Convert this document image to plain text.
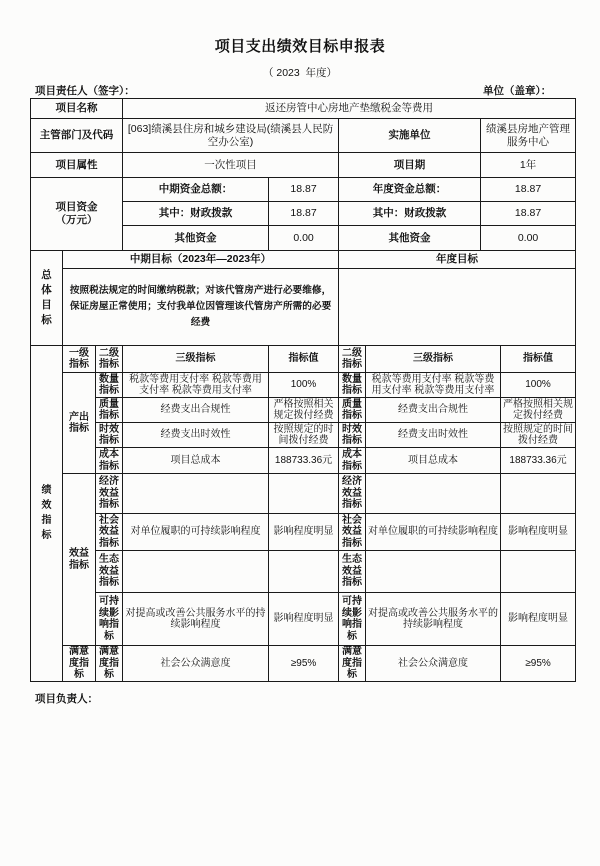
项目支出绩效目标申报表
（ 2023  年度）
项目责任人（签字）：	单位（盖章）：
项目名称			返还房管中心房地产垫缴税金等费用					
主管部门及代码			[063]绩溪县住房和城乡建设局(绩溪县人民防空办公室)		实施单位		绩溪县房地产管理服务中心	
项目属性			一次性项目		项目期		1年	
项目资金（万元）			中期资金总额：	18.87	年度资金总额：		18.87	
			其中：财政拨款	18.87	其中：财政拨款		18.87	
			其他资金	0.00	其他资金		0.00	
总体目标	中期目标（2023年—2023年）				年度目标			
	按照税法规定的时间缴纳税款；对该代管房产进行必要维修，保证房屋正常使用；支付我单位因管理该代管房产所需的必要经费							
绩效指标	一级指标	二级指标	三级指标	指标值	二级指标	三级指标		指标值
	产出指标	数量指标	税款等费用支付率 税款等费用支付率 税款等费用支付率	100%	数量指标	税款等费用支付率 税款等费用支付率 税款等费用支付率		100%
		质量指标	经费支出合规性	严格按照相关规定拨付经费	质量指标	经费支出合规性		严格按照相关规定拨付经费
		时效指标	经费支出时效性	按照规定的时间拨付经费	时效指标	经费支出时效性		按照规定的时间拨付经费
		成本指标	项目总成本	188733.36元	成本指标	项目总成本		188733.36元
	效益指标	经济效益指标			经济效益指标			
		社会效益指标	对单位履职的可持续影响程度	影响程度明显	社会效益指标	对单位履职的可持续影响程度		影响程度明显
		生态效益指标			生态效益指标			
		可持续影响指标	对提高或改善公共服务水平的持续影响程度	影响程度明显	可持续影响指标	对提高或改善公共服务水平的持续影响程度		影响程度明显
	满意度指标	满意度指标	社会公众满意度	≥95%	满意度指标	社会公众满意度		≥95%
项目负责人：
